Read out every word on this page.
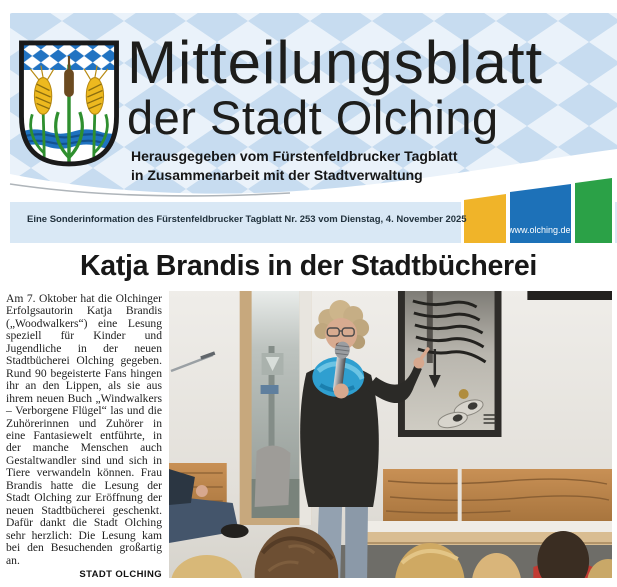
Mitteilungsblatt
der Stadt Olching
Herausgegeben vom Fürstenfeldbrucker Tagblatt
in Zusammenarbeit mit der Stadtverwaltung
Eine Sonderinformation des Fürstenfeldbrucker Tagblatt Nr. 253 vom Dienstag, 4. November 2025
www.olching.de
Katja Brandis in der Stadtbücherei

Am 7. Oktober hat die Olchinger Erfolgsautorin Katja Brandis („Woodwalkers“) eine Lesung speziell für Kinder und Jugendliche in der neuen Stadtbücherei Olching gegeben. Rund 90 begeisterte Fans hingen ihr an den Lippen, als sie aus ihrem neuen Buch „Windwalkers – Verborgene Flügel“ las und die Zuhörerinnen und Zuhörer in eine Fantasiewelt entführte, in der manche Menschen auch Gestaltwandler sind und sich in Tiere verwandeln können. Frau Brandis hatte die Lesung der Stadt Olching zur Eröffnung der neuen Stadtbücherei geschenkt. Dafür dankt die Stadt Olching sehr herzlich: Die Lesung kam bei den Besuchenden großartig an.

STADT OLCHING
